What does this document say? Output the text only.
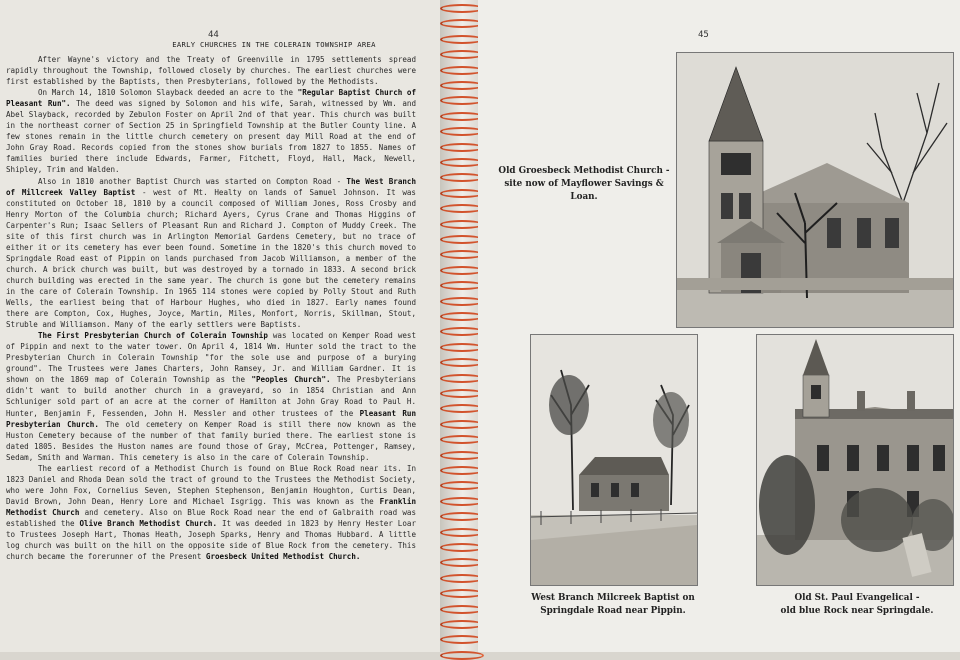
44
EARLY CHURCHES IN THE COLERAIN TOWNSHIP AREA

After Wayne's victory and the Treaty of Greenville in 1795 settlements spread rapidly throughout the Township, followed closely by churches. The earliest churches were first established by the Baptists, then Presbyterians, followed by the Methodists.

On March 14, 1810 Solomon Slayback deeded an acre to the "Regular Baptist Church of Pleasant Run". The deed was signed by Solomon and his wife, Sarah, witnessed by Wm. and Abel Slayback, recorded by Zebulon Foster on April 2nd of that year. This church was built in the northeast corner of Section 25 in Springfield Township at the Butler County line. A few stones remain in the little church cemetery on present day Mill Road at the end of John Gray Road. Records copied from the stones show burials from 1827 to 1855. Names of families buried there include Edwards, Farmer, Fitchett, Floyd, Hall, Mack, Newell, Shipley, Trim and Walden.

Also in 1810 another Baptist Church was started on Compton Road - The West Branch of Millcreek Valley Baptist - west of Mt. Healty on lands of Samuel Johnson. It was constituted on October 18, 1810 by a council composed of William Jones, Ross Crosby and Henry Morton of the Columbia church; Richard Ayers, Cyrus Crane and Thomas Higgins of Carpenter's Run; Isaac Sellers of Pleasant Run and Richard J. Compton of Muddy Creek. The site of this first church was in Arlington Memorial Gardens Cemetery, but no trace of either it or its cemetery has ever been found. Sometime in the 1820's this church moved to Springdale Road east of Pippin on lands purchased from Jacob Williamson, a member of the church. A brick church was built, but was destroyed by a tornado in 1833. A second brick church building was erected in the same year. The church is gone but the cemetery remains in the care of Colerain Township. In 1965 114 stones were copied by Polly Stout and Ruth Wells, the earliest being that of Harbour Hughes, who died in 1827. Early names found there are Compton, Cox, Hughes, Joyce, Martin, Miles, Monfort, Norris, Skillman, Stout, Struble and Williamson. Many of the early settlers were Baptists.

The First Presbyterian Church of Colerain Township was located on Kemper Road west of Pippin and next to the water tower. On April 4, 1814 Wm. Hunter sold the tract to the Presbyterian Church in Colerain Township "for the sole use and purpose of a burying ground". The Trustees were James Charters, John Ramsey, Jr. and William Gardner. It is shown on the 1869 map of Colerain Township as the "Peoples Church". The Presbyterians didn't want to build another church in a graveyard, so in 1854 Christian and Ann Schluniger sold part of an acre at the corner of Hamilton at John Gray Road to Paul H. Hunter, Benjamin F, Fessenden, John H. Messler and other trustees of the Pleasant Run Presbyterian Church. The old cemetery on Kemper Road is still there now known as the Huston Cemetery because of the number of that family buried there. The earliest stone is dated 1805. Besides the Huston names are found those of Gray, McCrea, Pottenger, Ramsey, Sedam, Smith and Warman. This cemetery is also in the care of Colerain Township.

The earliest record of a Methodist Church is found on Blue Rock Road near its. In 1823 Daniel and Rhoda Dean sold the tract of ground to the Trustees the Methodist Society, who were John Fox, Cornelius Seven, Stephen Stephenson, Benjamin Houghton, Curtis Dean, David Brown, John Dean, Henry Lore and Michael Isgrigg. This was known as the Franklin Methodist Church and cemetery. Also on Blue Rock Road near the end of Galbraith road was established the Olive Branch Methodist Church. It was deeded in 1823 by Henry Hester Loar to Trustees Joseph Hart, Thomas Heath, Joseph Sparks, Henry and Thomas Hubbard. A little log church was built on the hill on the opposite side of Blue Rock from the cemetery. This church became the forerunner of the Present Groesbeck United Methodist Church.

45
Old Groesbeck Methodist Church -
site now of Mayflower Savings & Loan.
West Branch Milcreek Baptist on
Springdale Road near Pippin.
Old St. Paul Evangelical -
old blue Rock near Springdale.
